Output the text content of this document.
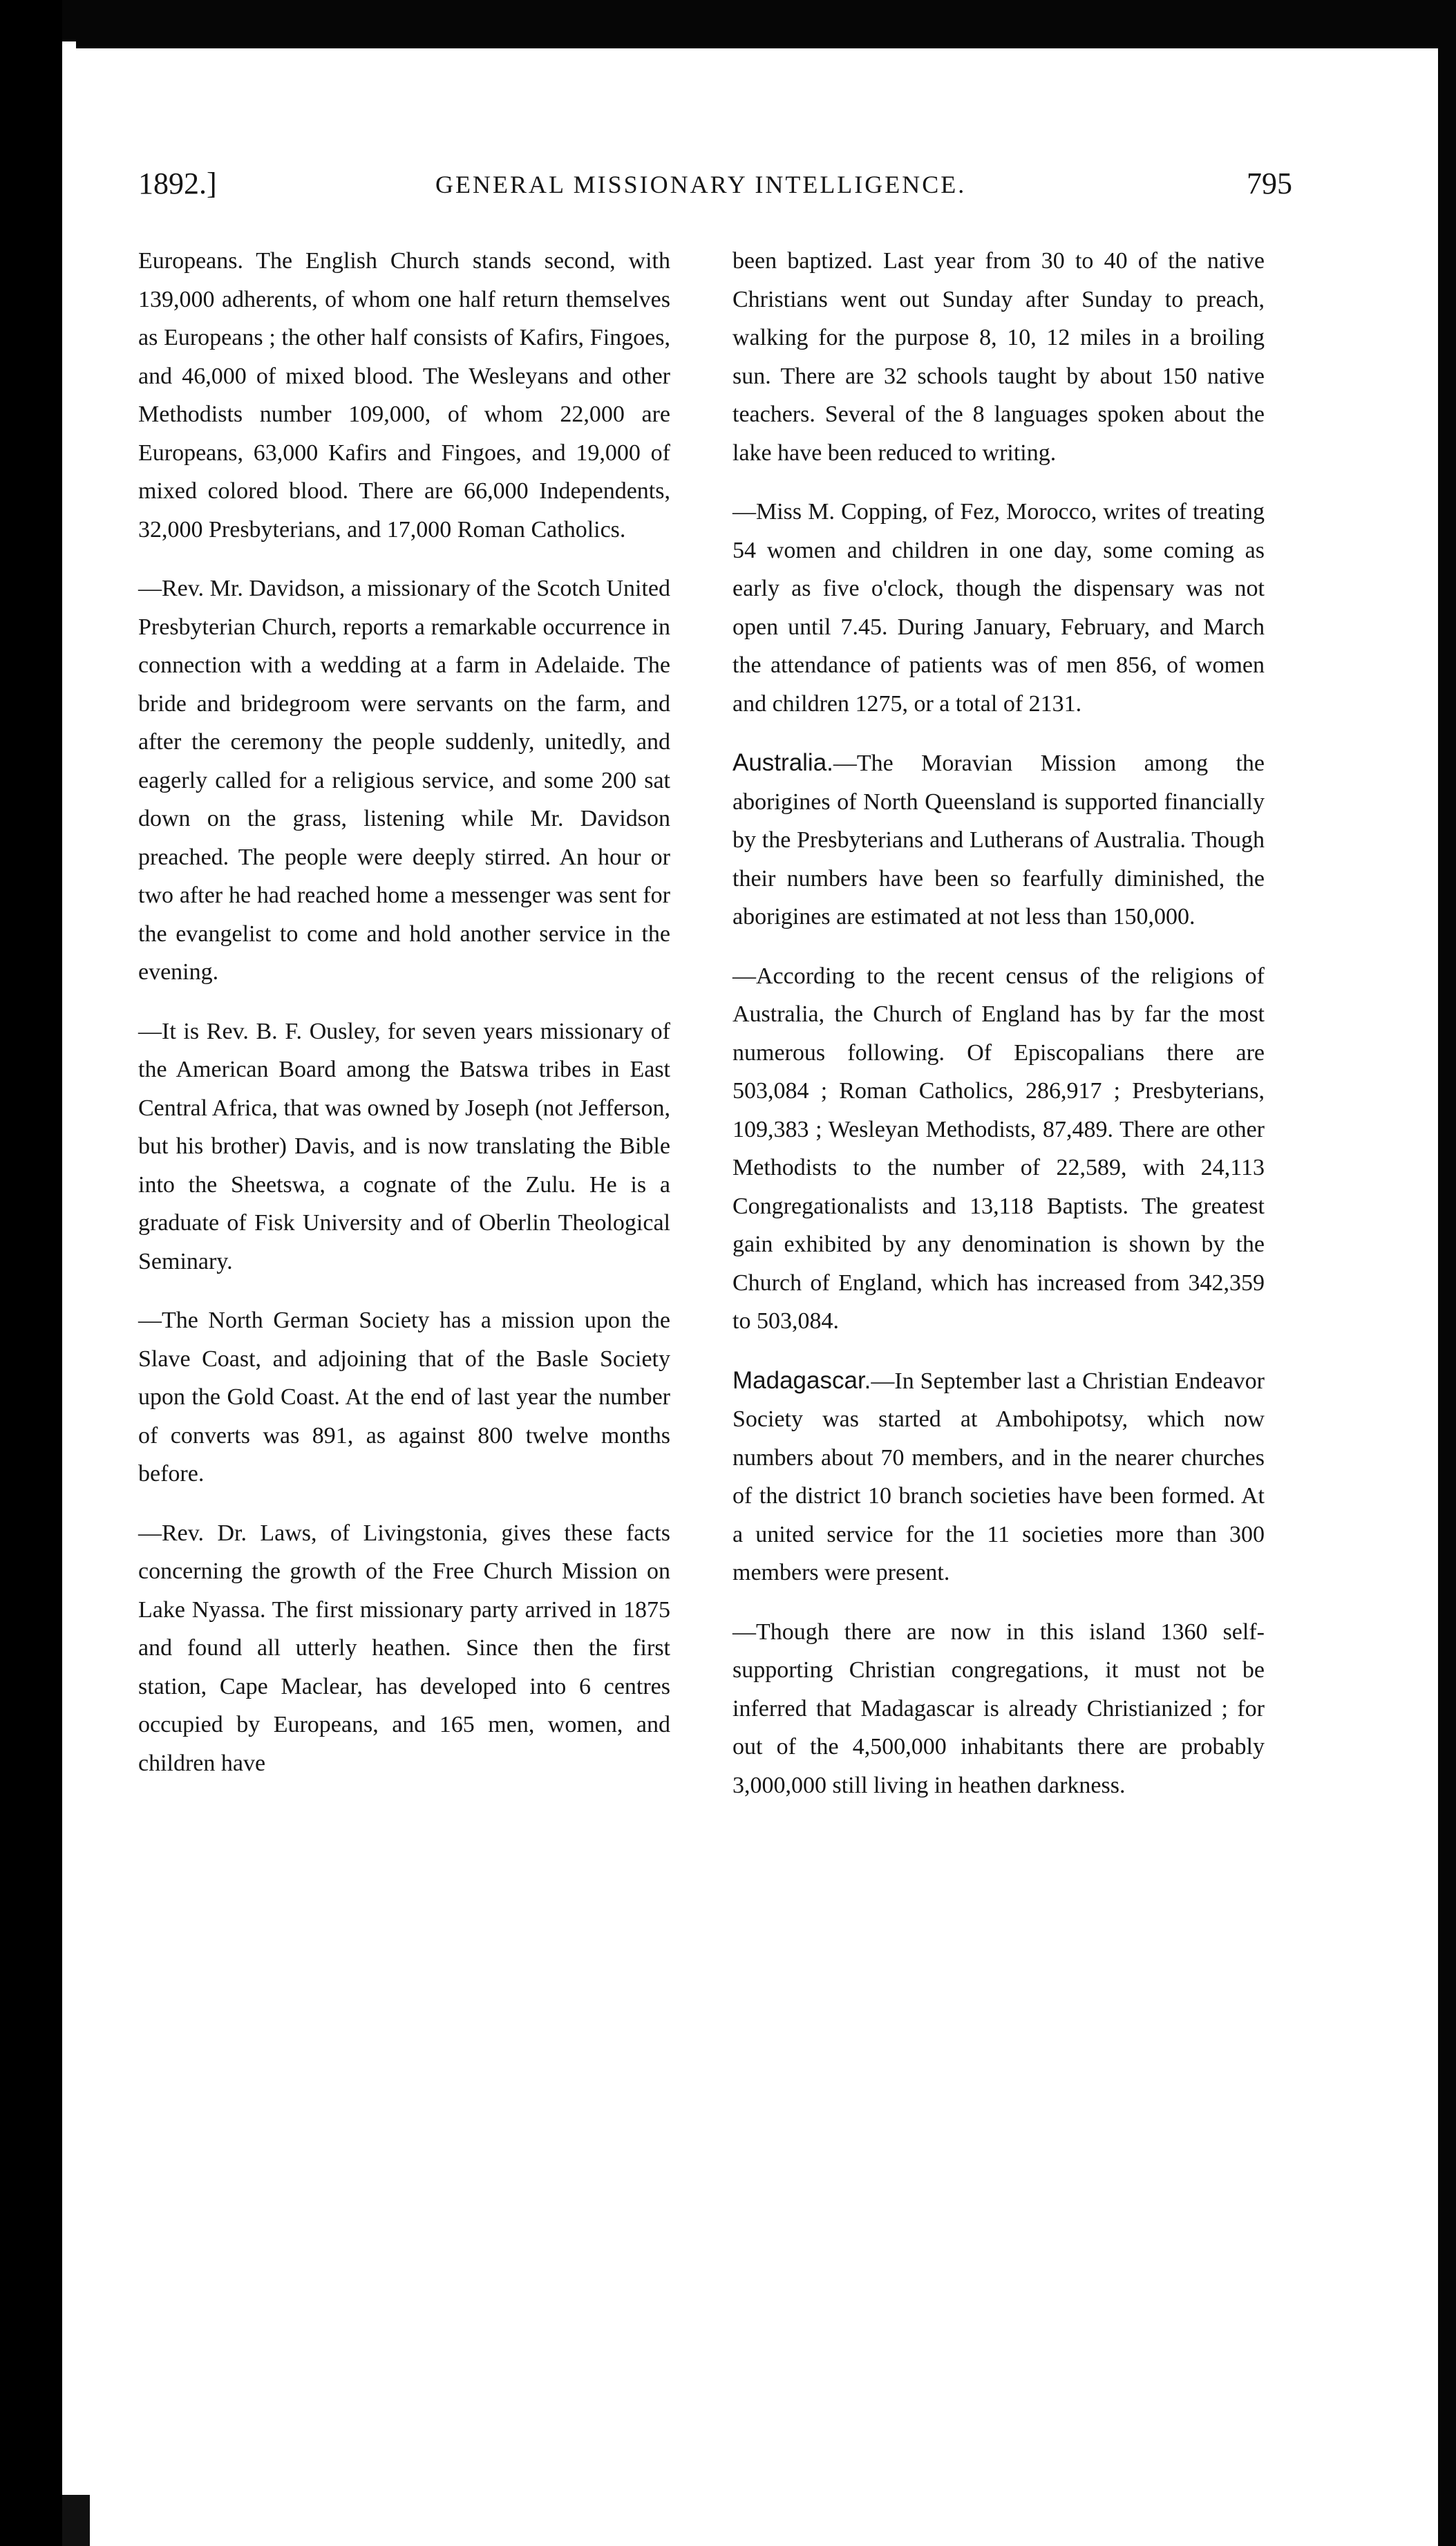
1892.]	GENERAL MISSIONARY INTELLIGENCE.	795

Europeans. The English Church stands second, with 139,000 adherents, of whom one half return themselves as Europeans ; the other half consists of Kafirs, Fingoes, and 46,000 of mixed blood. The Wesleyans and other Methodists number 109,000, of whom 22,000 are Europeans, 63,000 Kafirs and Fingoes, and 19,000 of mixed colored blood. There are 66,000 Independents, 32,000 Presbyterians, and 17,000 Roman Catholics.

—Rev. Mr. Davidson, a missionary of the Scotch United Presbyterian Church, reports a remarkable occurrence in connection with a wedding at a farm in Adelaide. The bride and bridegroom were servants on the farm, and after the ceremony the people suddenly, unitedly, and eagerly called for a religious service, and some 200 sat down on the grass, listening while Mr. Davidson preached. The people were deeply stirred. An hour or two after he had reached home a messenger was sent for the evangelist to come and hold another service in the evening.

—It is Rev. B. F. Ousley, for seven years missionary of the American Board among the Batswa tribes in East Central Africa, that was owned by Joseph (not Jefferson, but his brother) Davis, and is now translating the Bible into the Sheetswa, a cognate of the Zulu. He is a graduate of Fisk University and of Oberlin Theological Seminary.

—The North German Society has a mission upon the Slave Coast, and adjoining that of the Basle Society upon the Gold Coast. At the end of last year the number of converts was 891, as against 800 twelve months before.

—Rev. Dr. Laws, of Livingstonia, gives these facts concerning the growth of the Free Church Mission on Lake Nyassa. The first missionary party arrived in 1875 and found all utterly heathen. Since then the first station, Cape Maclear, has developed into 6 centres occupied by Europeans, and 165 men, women, and children have

been baptized. Last year from 30 to 40 of the native Christians went out Sunday after Sunday to preach, walking for the purpose 8, 10, 12 miles in a broiling sun. There are 32 schools taught by about 150 native teachers. Several of the 8 languages spoken about the lake have been reduced to writing.

—Miss M. Copping, of Fez, Morocco, writes of treating 54 women and children in one day, some coming as early as five o'clock, though the dispensary was not open until 7.45. During January, February, and March the attendance of patients was of men 856, of women and children 1275, or a total of 2131.

Australia.—The Moravian Mission among the aborigines of North Queensland is supported financially by the Presbyterians and Lutherans of Australia. Though their numbers have been so fearfully diminished, the aborigines are estimated at not less than 150,000.

—According to the recent census of the religions of Australia, the Church of England has by far the most numerous following. Of Episcopalians there are 503,084 ; Roman Catholics, 286,917 ; Presbyterians, 109,383 ; Wesleyan Methodists, 87,489. There are other Methodists to the number of 22,589, with 24,113 Congregationalists and 13,118 Baptists. The greatest gain exhibited by any denomination is shown by the Church of England, which has increased from 342,359 to 503,084.

Madagascar.—In September last a Christian Endeavor Society was started at Ambohipotsy, which now numbers about 70 members, and in the nearer churches of the district 10 branch societies have been formed. At a united service for the 11 societies more than 300 members were present.

—Though there are now in this island 1360 self-supporting Christian congregations, it must not be inferred that Madagascar is already Christianized ; for out of the 4,500,000 inhabitants there are probably 3,000,000 still living in heathen darkness.
